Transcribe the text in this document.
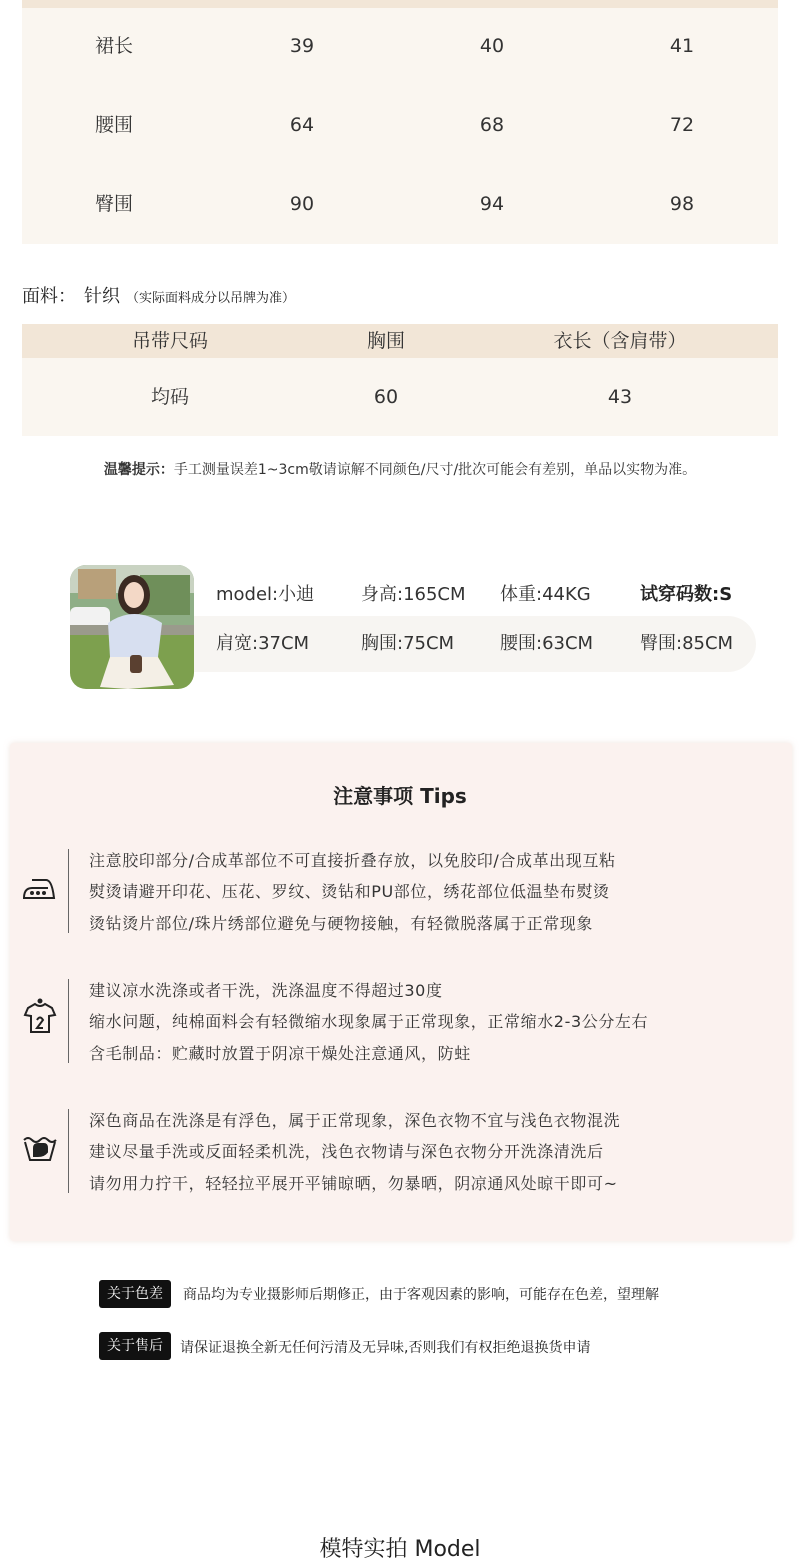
裙长	39	40	41
腰围	64	68	72
臀围	90	94	98
面料： 针织 （实际面料成分以吊牌为准）
吊带尺码	胸围	衣长（含肩带）
均码	60	43
温馨提示：手工测量误差1~3cm敬请谅解不同颜色/尺寸/批次可能会有差别，单品以实物为准。
model:小迪	身高:165CM 体重:44KG	试穿码数:S
肩宽:37CM	胸围:75CM	腰围:63CM	臀围:85CM
注意事项 Tips
注意胶印部分/合成革部位不可直接折叠存放，以免胶印/合成革出现互粘
熨烫请避开印花、压花、罗纹、烫钻和PU部位，绣花部位低温垫布熨烫
烫钻烫片部位/珠片绣部位避免与硬物接触，有轻微脱落属于正常现象
建议凉水洗涤或者干洗，洗涤温度不得超过30度
缩水问题，纯棉面料会有轻微缩水现象属于正常现象，正常缩水2-3公分左右
含毛制品：贮藏时放置于阴凉干燥处注意通风，防蛀
深色商品在洗涤是有浮色，属于正常现象，深色衣物不宜与浅色衣物混洗
建议尽量手洗或反面轻柔机洗，浅色衣物请与深色衣物分开洗涤清洗后
请勿用力拧干，轻轻拉平展开平铺晾晒，勿暴晒，阴凉通风处晾干即可~
关于色差	商品均为专业摄影师后期修正，由于客观因素的影响，可能存在色差，望理解
关于售后	请保证退换全新无任何污清及无异味,否则我们有权拒绝退换货申请
模特实拍 Model
